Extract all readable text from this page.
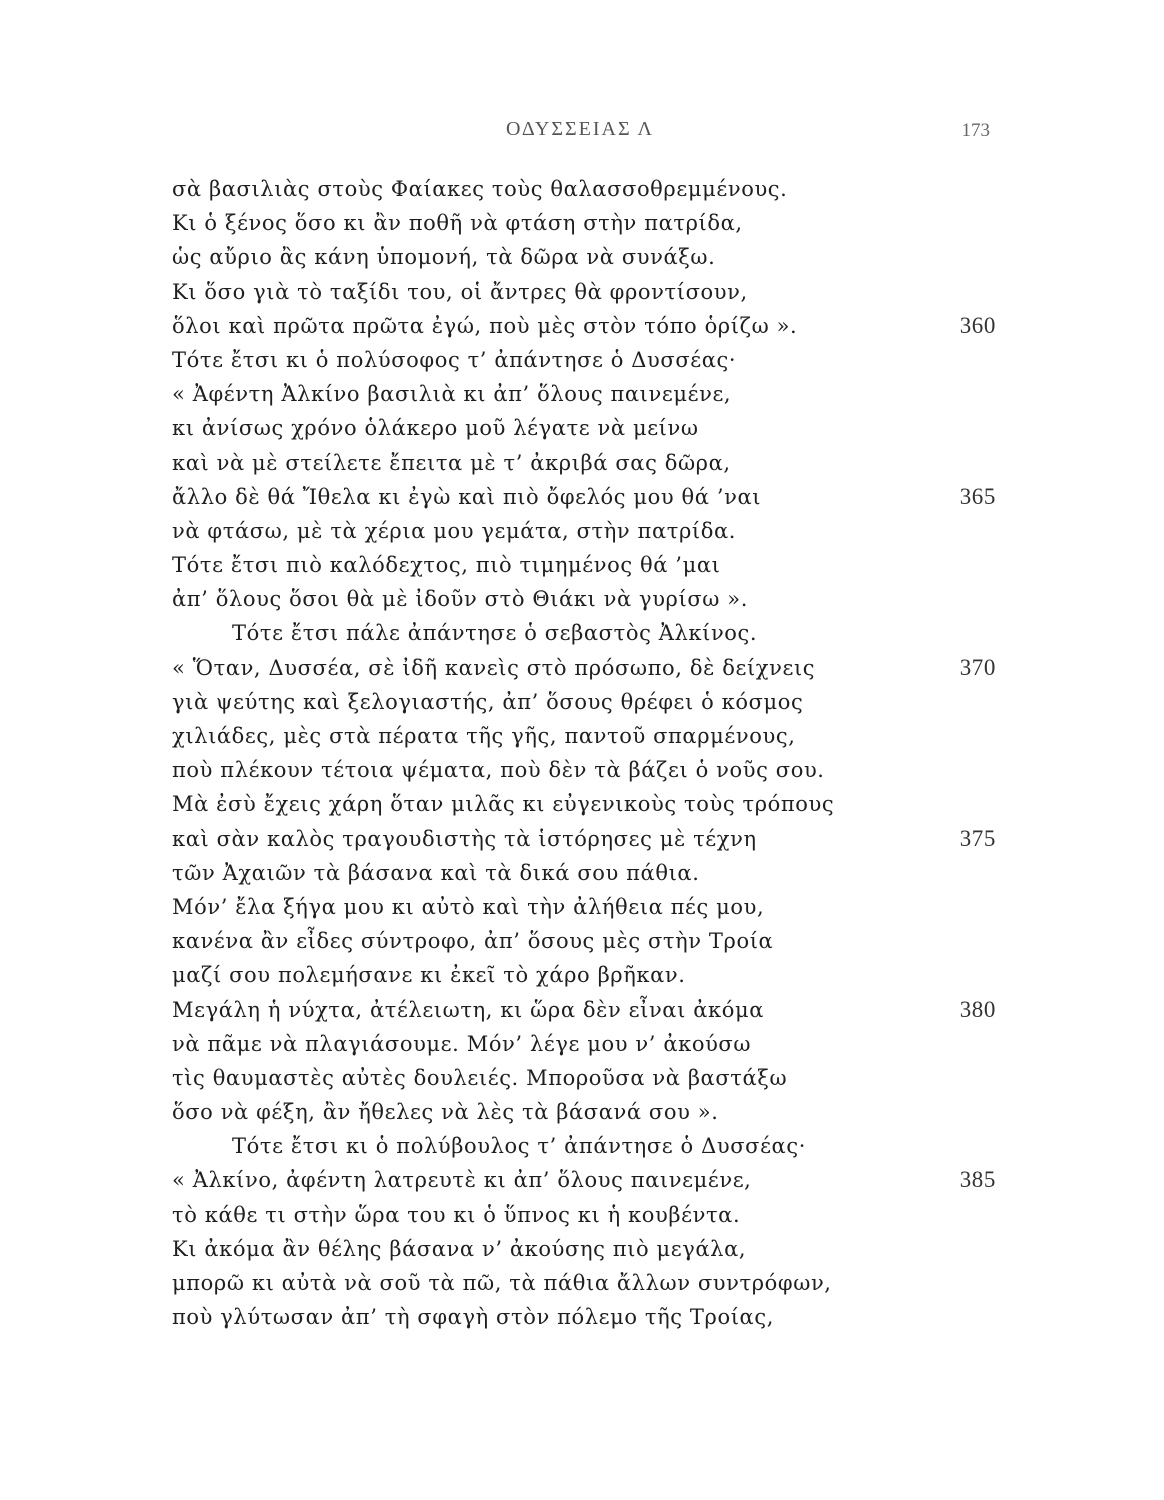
ΟΔΥΣΣΕΙΑΣ Λ	173
σὰ βασιλιὰς στοὺς Φαίακες τοὺς θαλασσοθρεμμένους.
Κι ὁ ξένος ὅσο κι ἂν ποθῆ νὰ φτάση στὴν πατρίδα,
ὡς αὔριο ἂς κάνη ὑπομονή, τὰ δῶρα νὰ συνάξω.
Κι ὅσο γιὰ τὸ ταξίδι του, οἱ ἄντρες θὰ φροντίσουν,
ὅλοι καὶ πρῶτα πρῶτα ἐγώ, ποὺ μὲς στὸν τόπο ὁρίζω ».	360
Τότε ἔτσι κι ὁ πολύσοφος τ’ ἀπάντησε ὁ Δυσσέας·
« Ἀφέντη Ἀλκίνο βασιλιὰ κι ἀπ’ ὅλους παινεμένε,
κι ἀνίσως χρόνο ὁλάκερο μοῦ λέγατε νὰ μείνω
καὶ νὰ μὲ στείλετε ἔπειτα μὲ τ’ ἀκριβά σας δῶρα,
ἄλλο δὲ θά Ἴθελα κι ἐγὼ καὶ πιὸ ὄφελός μου θά ’ναι	365
νὰ φτάσω, μὲ τὰ χέρια μου γεμάτα, στὴν πατρίδα.
Τότε ἔτσι πιὸ καλόδεχτος, πιὸ τιμημένος θά ’μαι
ἀπ’ ὅλους ὅσοι θὰ μὲ ἰδοῦν στὸ Θιάκι νὰ γυρίσω ».
Τότε ἔτσι πάλε ἀπάντησε ὁ σεβαστὸς Ἀλκίνος.
« Ὅταν, Δυσσέα, σὲ ἰδῆ κανεὶς στὸ πρόσωπο, δὲ δείχνεις	370
γιὰ ψεύτης καὶ ξελογιαστής, ἀπ’ ὅσους θρέφει ὁ κόσμος
χιλιάδες, μὲς στὰ πέρατα τῆς γῆς, παντοῦ σπαρμένους,
ποὺ πλέκουν τέτοια ψέματα, ποὺ δὲν τὰ βάζει ὁ νοῦς σου.
Μὰ ἐσὺ ἔχεις χάρη ὅταν μιλᾶς κι εὐγενικοὺς τοὺς τρόπους
καὶ σὰν καλὸς τραγουδιστὴς τὰ ἱστόρησες μὲ τέχνη	375
τῶν Ἀχαιῶν τὰ βάσανα καὶ τὰ δικά σου πάθια.
Μόν’ ἔλα ξήγα μου κι αὐτὸ καὶ τὴν ἀλήθεια πές μου,
κανένα ἂν εἶδες σύντροφο, ἀπ’ ὅσους μὲς στὴν Τροία
μαζί σου πολεμήσανε κι ἐκεῖ τὸ χάρο βρῆκαν.
Μεγάλη ἡ νύχτα, ἀτέλειωτη, κι ὥρα δὲν εἶναι ἀκόμα	380
νὰ πᾶμε νὰ πλαγιάσουμε. Μόν’ λέγε μου ν’ ἀκούσω
τὶς θαυμαστὲς αὐτὲς δουλειές. Μποροῦσα νὰ βαστάξω
ὅσο νὰ φέξη, ἂν ἤθελες νὰ λὲς τὰ βάσανά σου ».
Τότε ἔτσι κι ὁ πολύβουλος τ’ ἀπάντησε ὁ Δυσσέας·
« Ἀλκίνο, ἀφέντη λατρευτὲ κι ἀπ’ ὅλους παινεμένε,	385
τὸ κάθε τι στὴν ὥρα του κι ὁ ὕπνος κι ἡ κουβέντα.
Κι ἀκόμα ἂν θέλης βάσανα ν’ ἀκούσης πιὸ μεγάλα,
μπορῶ κι αὐτὰ νὰ σοῦ τὰ πῶ, τὰ πάθια ἄλλων συντρόφων,
ποὺ γλύτωσαν ἀπ’ τὴ σφαγὴ στὸν πόλεμο τῆς Τροίας,
